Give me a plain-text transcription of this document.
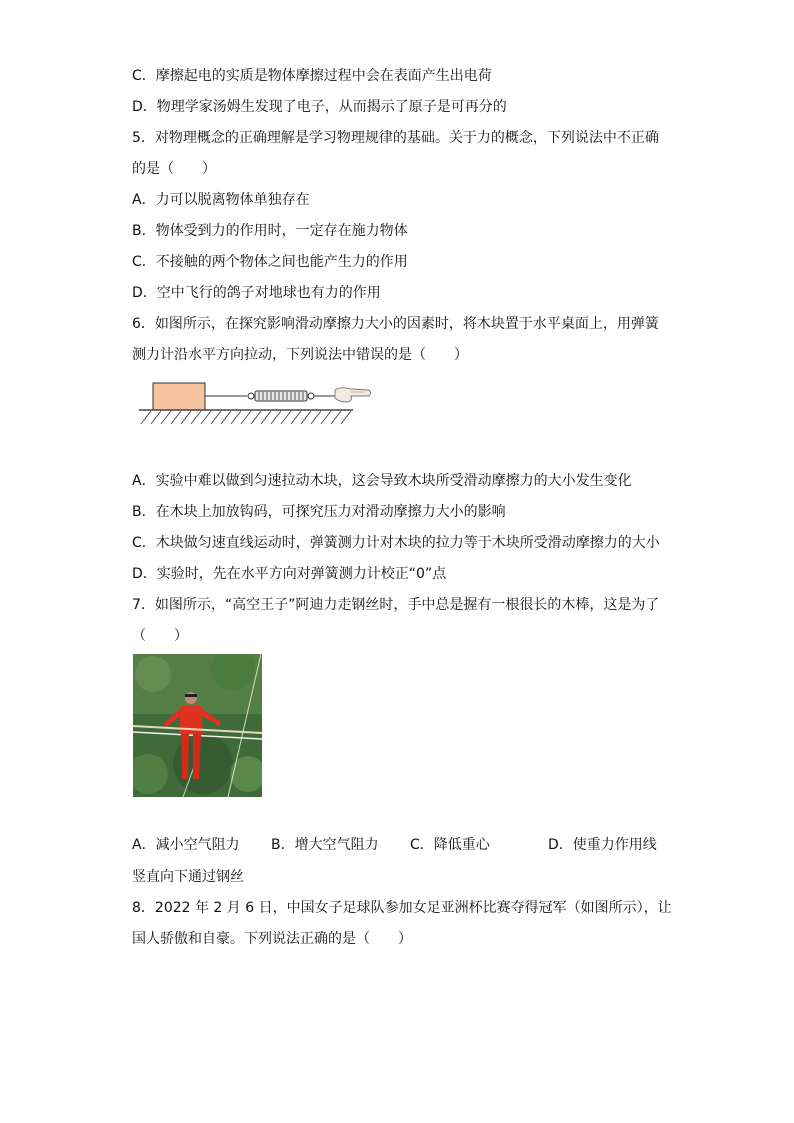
C．摩擦起电的实质是物体摩擦过程中会在表面产生出电荷
D．物理学家汤姆生发现了电子，从而揭示了原子是可再分的
5．对物理概念的正确理解是学习物理规律的基础。关于力的概念，下列说法中不正确
的是（　　）
A．力可以脱离物体单独存在
B．物体受到力的作用时，一定存在施力物体
C．不接触的两个物体之间也能产生力的作用
D．空中飞行的鸽子对地球也有力的作用
6．如图所示，在探究影响滑动摩擦力大小的因素时，将木块置于水平桌面上，用弹簧
测力计沿水平方向拉动，下列说法中错误的是（　　）
A．实验中难以做到匀速拉动木块，这会导致木块所受滑动摩擦力的大小发生变化
B．在木块上加放钩码，可探究压力对滑动摩擦力大小的影响
C．木块做匀速直线运动时，弹簧测力计对木块的拉力等于木块所受滑动摩擦力的大小
D．实验时，先在水平方向对弹簧测力计校正“0”点
7．如图所示，“高空王子”阿迪力走钢丝时，手中总是握有一根很长的木棒，这是为了
（　　）
A．减小空气阻力 B．增大空气阻力 C．降低重心	D．使重力作用线
竖直向下通过钢丝
8．2022 年 2 月 6 日，中国女子足球队参加女足亚洲杯比赛夺得冠军（如图所示），让
国人骄傲和自豪。下列说法正确的是（　　）
